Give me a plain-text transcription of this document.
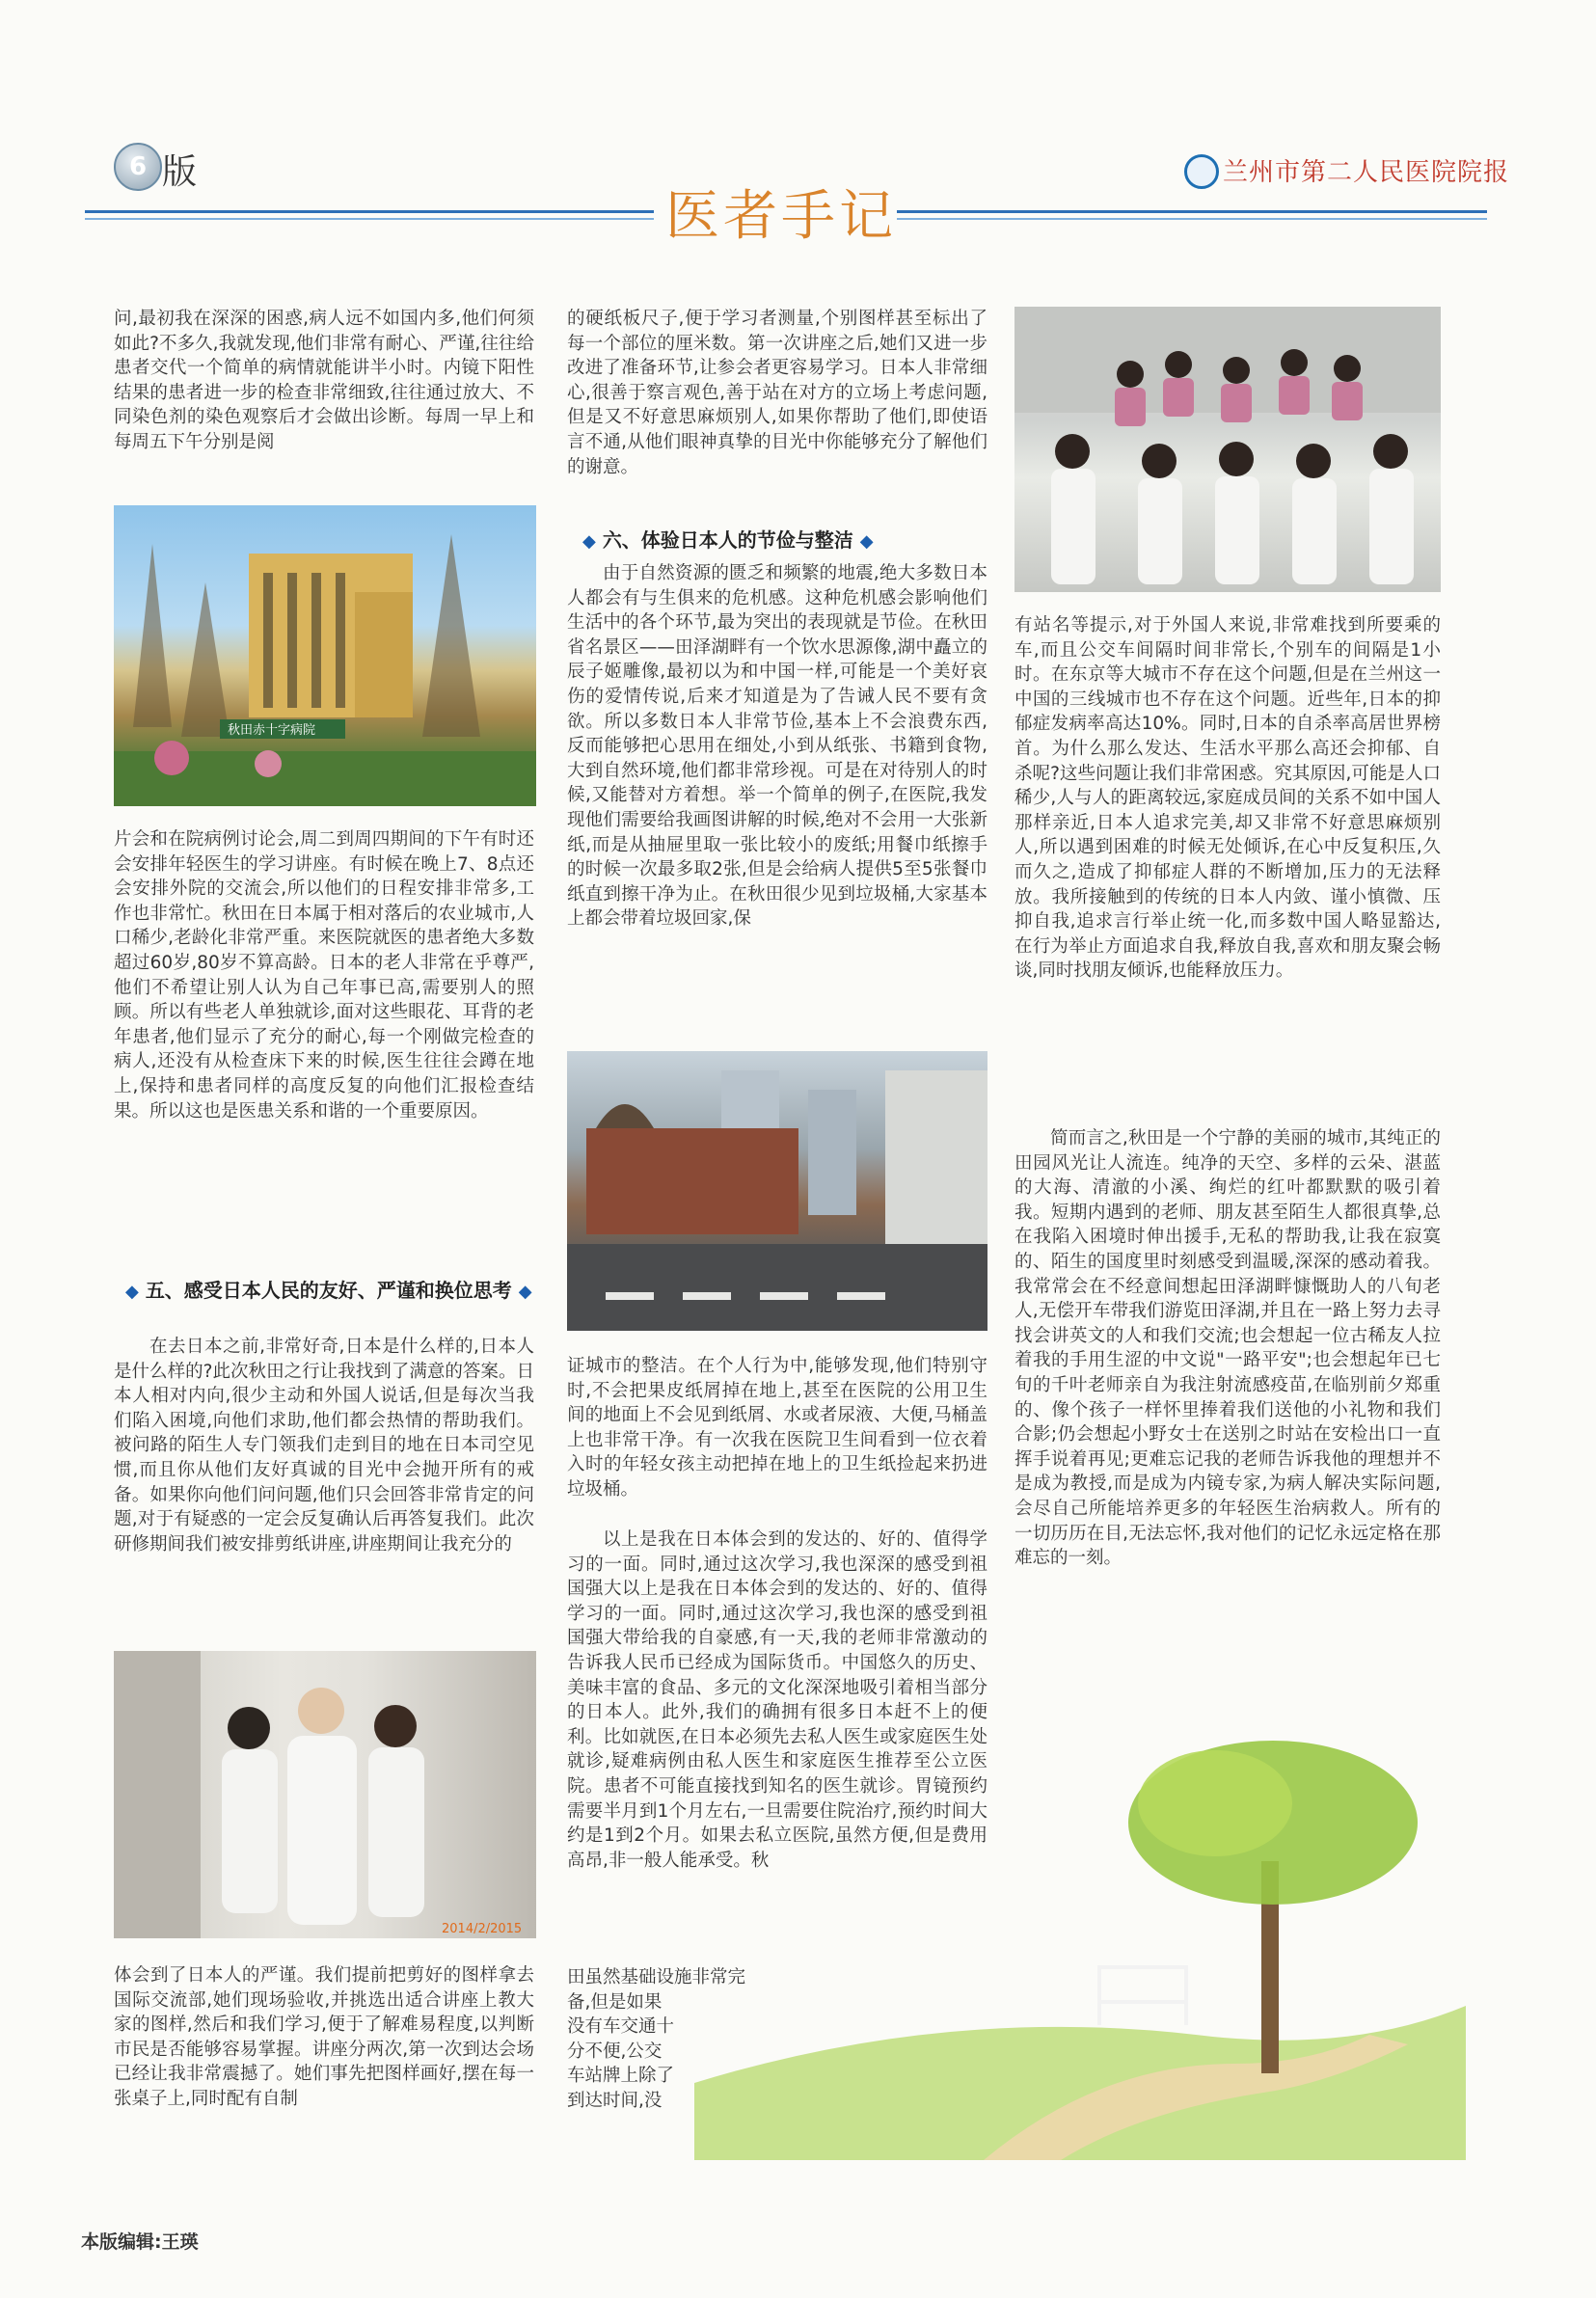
6 版	兰州市第二人民医院院报
医者手记

问,最初我在深深的困惑,病人远不如国内多,他们何须如此?不多久,我就发现,他们非常有耐心、严谨,往往给患者交代一个简单的病情就能讲半小时。内镜下阳性结果的患者进一步的检查非常细致,往往通过放大、不同染色剂的染色观察后才会做出诊断。每周一早上和每周五下午分别是阅

秋田赤十字病院

片会和在院病例讨论会,周二到周四期间的下午有时还会安排年轻医生的学习讲座。有时候在晚上7、8点还会安排外院的交流会,所以他们的日程安排非常多,工作也非常忙。秋田在日本属于相对落后的农业城市,人口稀少,老龄化非常严重。来医院就医的患者绝大多数超过60岁,80岁不算高龄。日本的老人非常在乎尊严,他们不希望让别人认为自己年事已高,需要别人的照顾。所以有些老人单独就诊,面对这些眼花、耳背的老年患者,他们显示了充分的耐心,每一个刚做完检查的病人,还没有从检查床下来的时候,医生往往会蹲在地上,保持和患者同样的高度反复的向他们汇报检查结果。所以这也是医患关系和谐的一个重要原因。

◆ 五、感受日本人民的友好、严谨和换位思考 ◆

在去日本之前,非常好奇,日本是什么样的,日本人是什么样的?此次秋田之行让我找到了满意的答案。日本人相对内向,很少主动和外国人说话,但是每次当我们陷入困境,向他们求助,他们都会热情的帮助我们。被问路的陌生人专门领我们走到目的地在日本司空见惯,而且你从他们友好真诚的目光中会抛开所有的戒备。如果你向他们问问题,他们只会回答非常肯定的问题,对于有疑惑的一定会反复确认后再答复我们。此次研修期间我们被安排剪纸讲座,讲座期间让我充分的

2014/2/2015

体会到了日本人的严谨。我们提前把剪好的图样拿去国际交流部,她们现场验收,并挑选出适合讲座上教大家的图样,然后和我们学习,便于了解难易程度,以判断市民是否能够容易掌握。讲座分两次,第一次到达会场已经让我非常震撼了。她们事先把图样画好,摆在每一张桌子上,同时配有自制

的硬纸板尺子,便于学习者测量,个别图样甚至标出了每一个部位的厘米数。第一次讲座之后,她们又进一步改进了准备环节,让参会者更容易学习。日本人非常细心,很善于察言观色,善于站在对方的立场上考虑问题,但是又不好意思麻烦别人,如果你帮助了他们,即使语言不通,从他们眼神真挚的目光中你能够充分了解他们的谢意。

◆ 六、体验日本人的节俭与整洁 ◆

由于自然资源的匮乏和频繁的地震,绝大多数日本人都会有与生俱来的危机感。这种危机感会影响他们生活中的各个环节,最为突出的表现就是节俭。在秋田省名景区——田泽湖畔有一个饮水思源像,湖中矗立的辰子姬雕像,最初以为和中国一样,可能是一个美好哀伤的爱情传说,后来才知道是为了告诫人民不要有贪欲。所以多数日本人非常节俭,基本上不会浪费东西,反而能够把心思用在细处,小到从纸张、书籍到食物,大到自然环境,他们都非常珍视。可是在对待别人的时候,又能替对方着想。举一个简单的例子,在医院,我发现他们需要给我画图讲解的时候,绝对不会用一大张新纸,而是从抽屉里取一张比较小的废纸;用餐巾纸擦手的时候一次最多取2张,但是会给病人提供5至5张餐巾纸直到擦干净为止。在秋田很少见到垃圾桶,大家基本上都会带着垃圾回家,保

证城市的整洁。在个人行为中,能够发现,他们特别守时,不会把果皮纸屑掉在地上,甚至在医院的公用卫生间的地面上不会见到纸屑、水或者尿液、大便,马桶盖上也非常干净。有一次我在医院卫生间看到一位衣着入时的年轻女孩主动把掉在地上的卫生纸捡起来扔进垃圾桶。

以上是我在日本体会到的发达的、好的、值得学习的一面。同时,通过这次学习,我也深深的感受到祖国强大以上是我在日本体会到的发达的、好的、值得学习的一面。同时,通过这次学习,我也深的感受到祖国强大带给我的自豪感,有一天,我的老师非常激动的告诉我人民币已经成为国际货币。中国悠久的历史、美味丰富的食品、多元的文化深深地吸引着相当部分的日本人。此外,我们的确拥有很多日本赶不上的便利。比如就医,在日本必须先去私人医生或家庭医生处就诊,疑难病例由私人医生和家庭医生推荐至公立医院。患者不可能直接找到知名的医生就诊。胃镜预约需要半月到1个月左右,一旦需要住院治疗,预约时间大约是1到2个月。如果去私立医院,虽然方便,但是费用高昂,非一般人能承受。秋

田虽然基础设施非常完
备,但是如果
没有车交通十
分不便,公交
车站牌上除了
到达时间,没

有站名等提示,对于外国人来说,非常难找到所要乘的车,而且公交车间隔时间非常长,个别车的间隔是1小时。在东京等大城市不存在这个问题,但是在兰州这一中国的三线城市也不存在这个问题。近些年,日本的抑郁症发病率高达10%。同时,日本的自杀率高居世界榜首。为什么那么发达、生活水平那么高还会抑郁、自杀呢?这些问题让我们非常困惑。究其原因,可能是人口稀少,人与人的距离较远,家庭成员间的关系不如中国人那样亲近,日本人追求完美,却又非常不好意思麻烦别人,所以遇到困难的时候无处倾诉,在心中反复积压,久而久之,造成了抑郁症人群的不断增加,压力的无法释放。我所接触到的传统的日本人内敛、谨小慎微、压抑自我,追求言行举止统一化,而多数中国人略显豁达,在行为举止方面追求自我,释放自我,喜欢和朋友聚会畅谈,同时找朋友倾诉,也能释放压力。

简而言之,秋田是一个宁静的美丽的城市,其纯正的田园风光让人流连。纯净的天空、多样的云朵、湛蓝的大海、清澈的小溪、绚烂的红叶都默默的吸引着我。短期内遇到的老师、朋友甚至陌生人都很真挚,总在我陷入困境时伸出援手,无私的帮助我,让我在寂寞的、陌生的国度里时刻感受到温暖,深深的感动着我。我常常会在不经意间想起田泽湖畔慷慨助人的八旬老人,无偿开车带我们游览田泽湖,并且在一路上努力去寻找会讲英文的人和我们交流;也会想起一位古稀友人拉着我的手用生涩的中文说"一路平安";也会想起年已七旬的千叶老师亲自为我注射流感疫苗,在临别前夕郑重的、像个孩子一样怀里捧着我们送他的小礼物和我们合影;仍会想起小野女士在送别之时站在安检出口一直挥手说着再见;更难忘记我的老师告诉我他的理想并不是成为教授,而是成为内镜专家,为病人解决实际问题,会尽自己所能培养更多的年轻医生治病救人。所有的一切历历在目,无法忘怀,我对他们的记忆永远定格在那难忘的一刻。

本版编辑:王瑛
